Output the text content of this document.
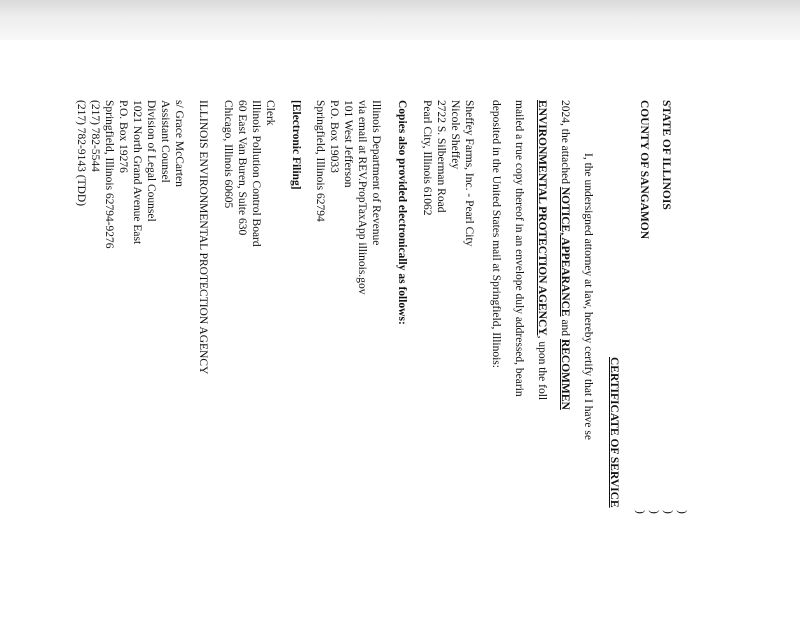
STATE OF ILLINOIS
COUNTY OF SANGAMON
)
)
)
)
CERTIFICATE OF SERVICE
I, the undersigned attorney at law, hereby certify that I have se
2024, the attached NOTICE, APPEARANCE and RECOMMEN
ENVIRONMENTAL PROTECTION AGENCY, upon the foll
mailed a true copy thereof in an envelope duly addressed, bearin
deposited in the United States mail at Springfield, Illinois:
Sheffey Farms, Inc. - Pearl City
Nicole Sheffey
2722 S. Silberman Road
Pearl City, Illinois 61062
Copies also provided electronically as follows:
Illinois Department of Revenue
via email at REV.PropTaxApp illinois.gov
101 West Jefferson
P.O. Box 19033
Springfield, Illinois 62794
[Electronic Filing]
Clerk
Illinois Pollution Control Board
60 East Van Buren, Suite 630
Chicago, Illinois 60605
ILLINOIS ENVIRONMENTAL PROTECTION AGENCY
s/ Grace McCarten
Assistant Counsel
Division of Legal Counsel
1021 North Grand Avenue East
P.O. Box 19276
Springfield, Illinois 62794-9276
(217) 782-5544
(217) 782-9143 (TDD)
